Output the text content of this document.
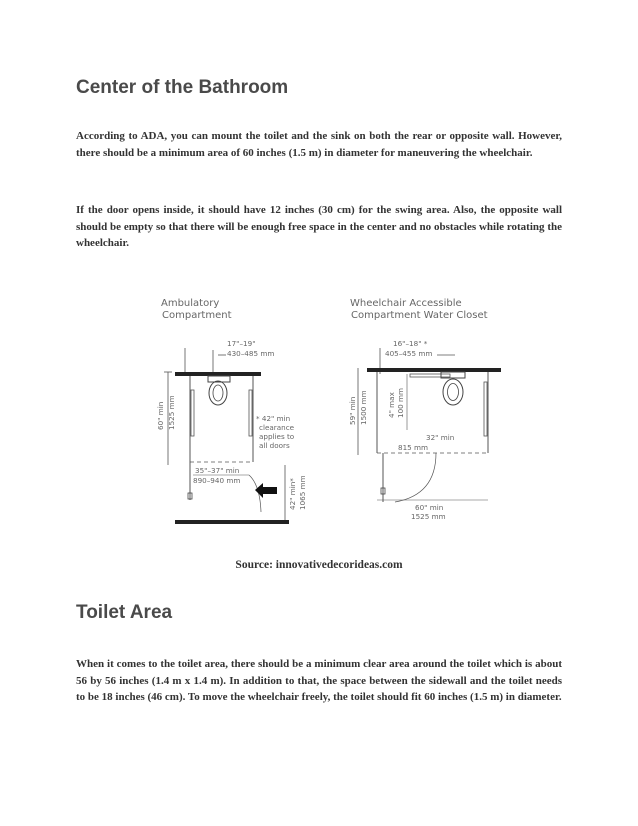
Center of the Bathroom

According to ADA, you can mount the toilet and the sink on both the rear or opposite wall. However, there should be a minimum area of 60 inches (1.5 m) in diameter for maneuvering the wheelchair.

If the door opens inside, it should have 12 inches (30 cm) for the swing area. Also, the opposite wall should be empty so that there will be enough free space in the center and no obstacles while rotating the wheelchair.

Ambulatory
Compartment
17"–19"
430–485 mm
60" min 1525 mm	* 42" min
clearance
applies to
all doors
35"–37" min
890–940 mm	42" min* 1065 mm
Wheelchair Accessible
Compartment Water Closet
16"–18" *
405–455 mm
4" max 100 mm
59" min 1500 mm
32" min
815 mm
60" min
1525 mm
Source: innovativedecorideas.com
Toilet Area

When it comes to the toilet area, there should be a minimum clear area around the toilet which is about 56 by 56 inches (1.4 m x 1.4 m). In addition to that, the space between the sidewall and the toilet needs to be 18 inches (46 cm). To move the wheelchair freely, the toilet should fit 60 inches (1.5 m) in diameter.
